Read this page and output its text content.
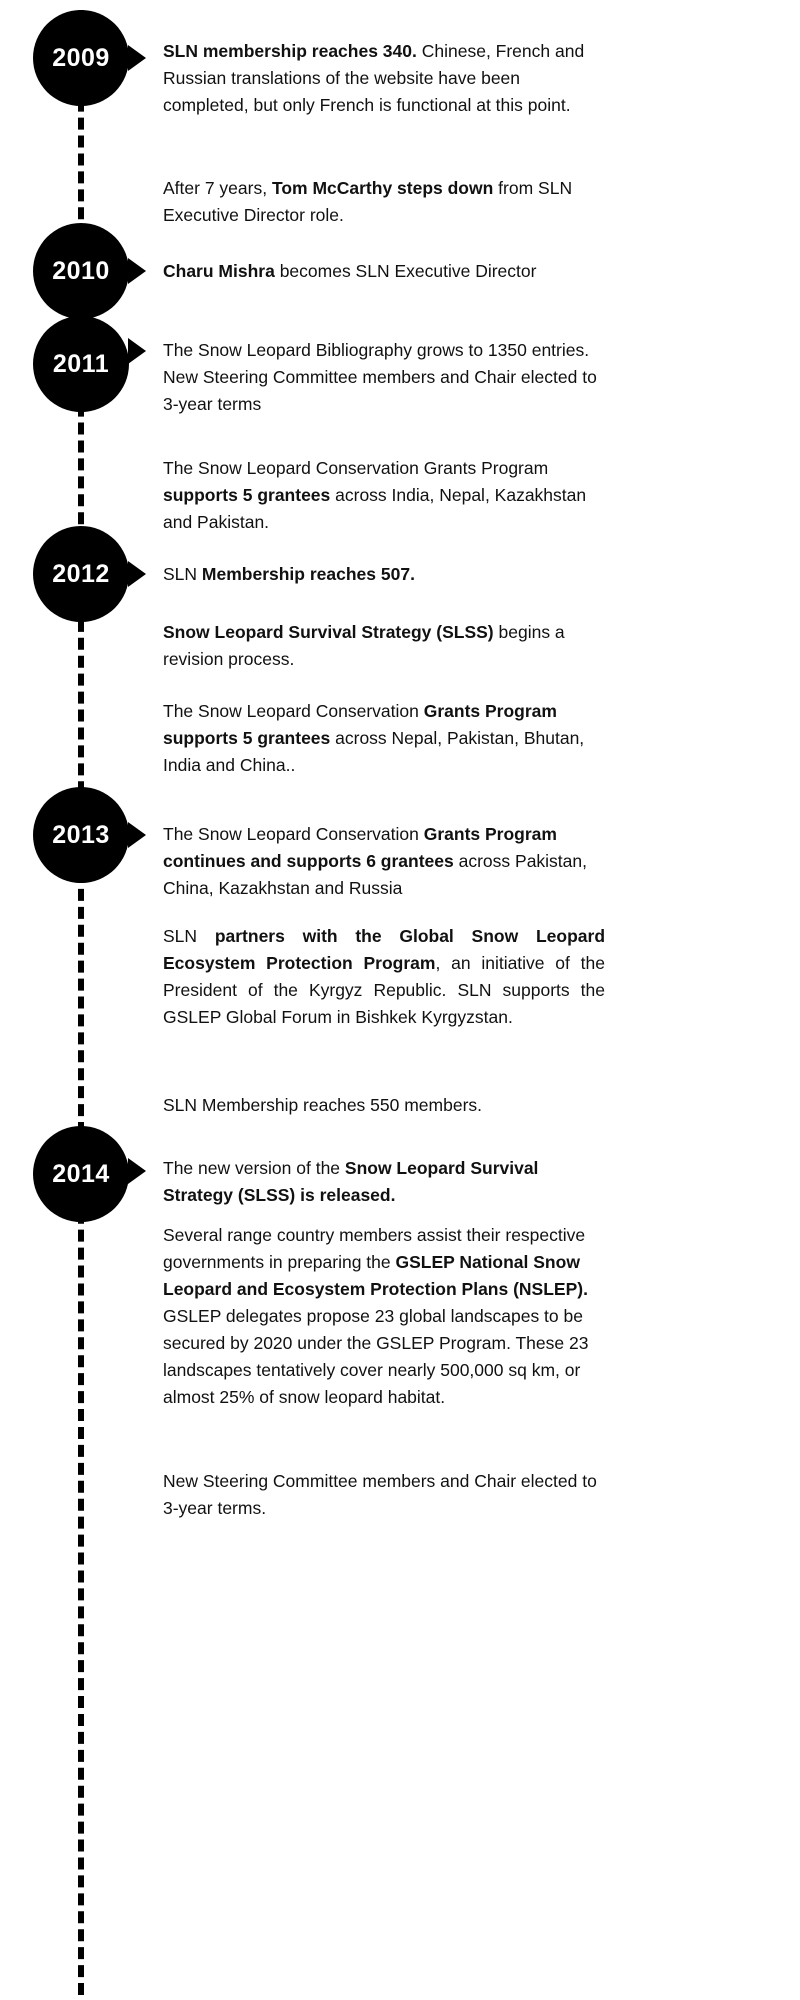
2009	SLN membership reaches 340. Chinese, French and Russian translations of the website have been completed, but only French is functional at this point.

After 7 years, Tom McCarthy steps down from SLN Executive Director role.

2010	Charu Mishra becomes SLN Executive Director

2011	The Snow Leopard Bibliography grows to 1350 entries. New Steering Committee members and Chair elected to 3-year terms

The Snow Leopard Conservation Grants Program supports 5 grantees across India, Nepal, Kazakhstan and Pakistan.

2012	SLN Membership reaches 507.

Snow Leopard Survival Strategy (SLSS) begins a revision process.

The Snow Leopard Conservation Grants Program supports 5 grantees across Nepal, Pakistan, Bhutan, India and China..

2013	The Snow Leopard Conservation Grants Program continues and supports 6 grantees across Pakistan, China, Kazakhstan and Russia

SLN partners with the Global Snow Leopard Ecosystem Protection Program, an initiative of the President of the Kyrgyz Republic. SLN supports the GSLEP Global Forum in Bishkek Kyrgyzstan.

SLN Membership reaches 550 members.

2014	The new version of the Snow Leopard Survival Strategy (SLSS) is released.

Several range country members assist their respective governments in preparing the GSLEP National Snow Leopard and Ecosystem Protection Plans (NSLEP). GSLEP delegates propose 23 global landscapes to be secured by 2020 under the GSLEP Program. These 23 landscapes tentatively cover nearly 500,000 sq km, or almost 25% of snow leopard habitat.

New Steering Committee members and Chair elected to 3-year terms.
